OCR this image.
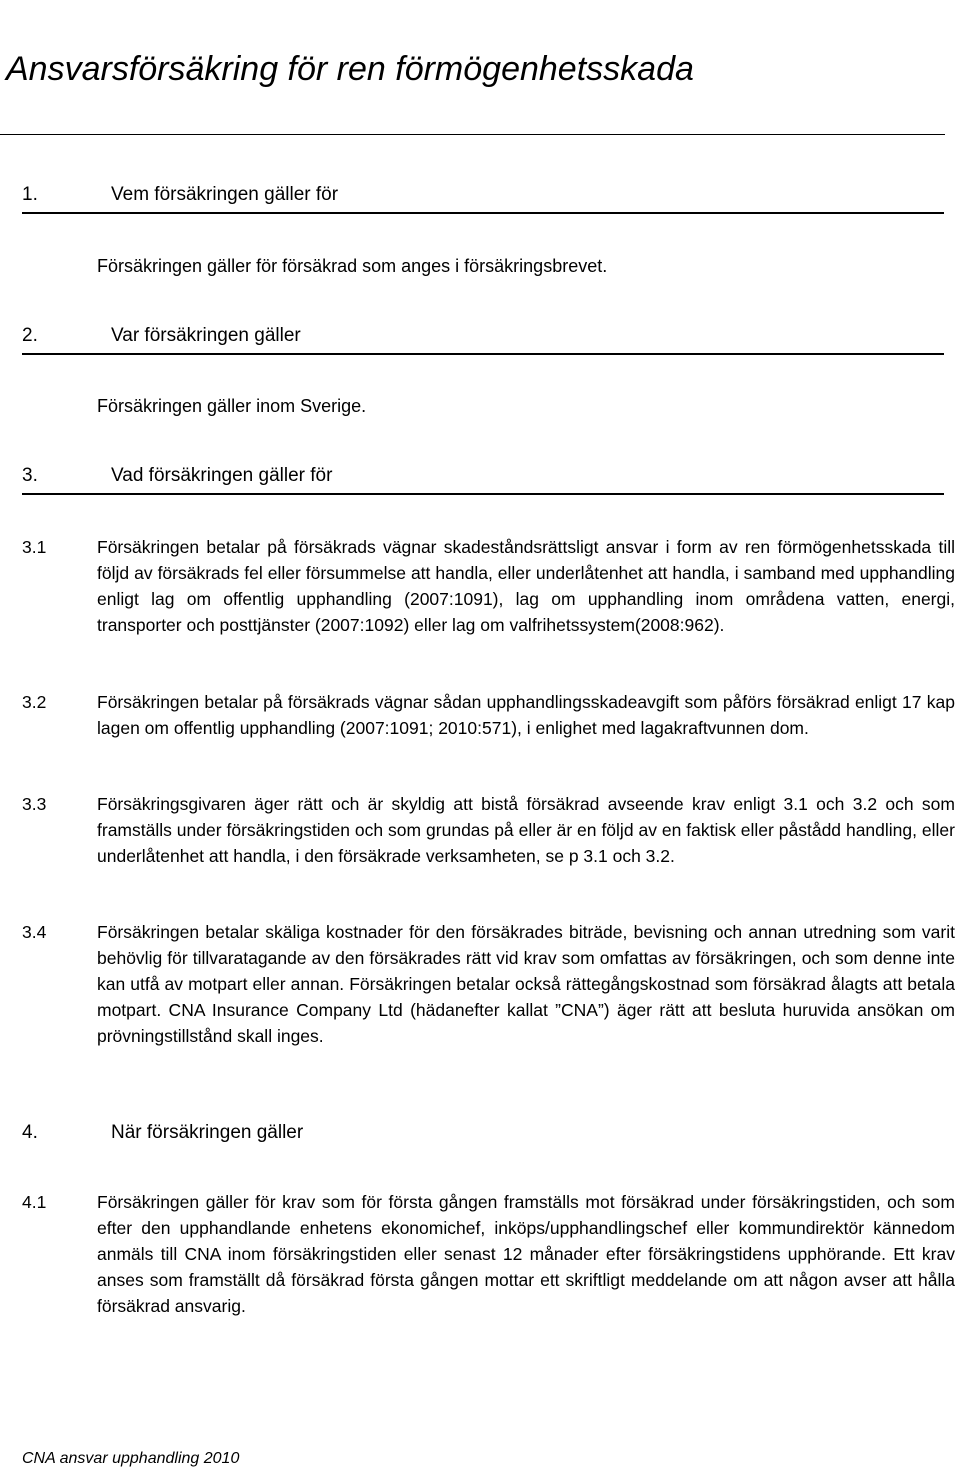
Ansvarsförsäkring för ren förmögenhetsskada
1.	Vem försäkringen gäller för
Försäkringen gäller för försäkrad som anges i försäkringsbrevet.
2.	Var försäkringen gäller
Försäkringen gäller inom Sverige.
3.	Vad försäkringen gäller för
3.1	Försäkringen betalar på försäkrads vägnar skadeståndsrättsligt ansvar i form av ren förmögenhetsskada till följd av försäkrads fel eller försummelse att handla, eller underlåtenhet att handla, i samband med upphandling enligt lag om offentlig upphandling (2007:1091), lag om upphandling inom områdena vatten, energi, transporter och posttjänster (2007:1092) eller lag om valfrihetssystem(2008:962).
3.2	Försäkringen betalar på försäkrads vägnar sådan upphandlingsskadeavgift som påförs försäkrad enligt 17 kap lagen om offentlig upphandling (2007:1091; 2010:571), i enlighet med lagakraftvunnen dom.
3.3	Försäkringsgivaren äger rätt och är skyldig att bistå försäkrad avseende krav enligt 3.1 och 3.2 och som framställs under försäkringstiden och som grundas på eller är en följd av en faktisk eller påstådd handling, eller underlåtenhet att handla, i den försäkrade verksamheten, se p 3.1 och 3.2.
3.4	Försäkringen betalar skäliga kostnader för den försäkrades biträde, bevisning och annan utredning som varit behövlig för tillvaratagande av den försäkrades rätt vid krav som omfattas av försäkringen, och som denne inte kan utfå av motpart eller annan. Försäkringen betalar också rättegångskostnad som försäkrad ålagts att betala motpart. CNA Insurance Company Ltd (hädanefter kallat ”CNA”) äger rätt att besluta huruvida ansökan om prövningstillstånd skall inges.
4.	När försäkringen gäller
4.1	Försäkringen gäller för krav som för första gången framställs mot försäkrad under försäkringstiden, och som efter den upphandlande enhetens ekonomichef, inköps/upphandlingschef eller kommundirektör kännedom anmäls till CNA inom försäkringstiden eller senast 12 månader efter försäkringstidens upphörande. Ett krav anses som framställt då försäkrad första gången mottar ett skriftligt meddelande om att någon avser att hålla försäkrad ansvarig.
CNA ansvar upphandling 2010
